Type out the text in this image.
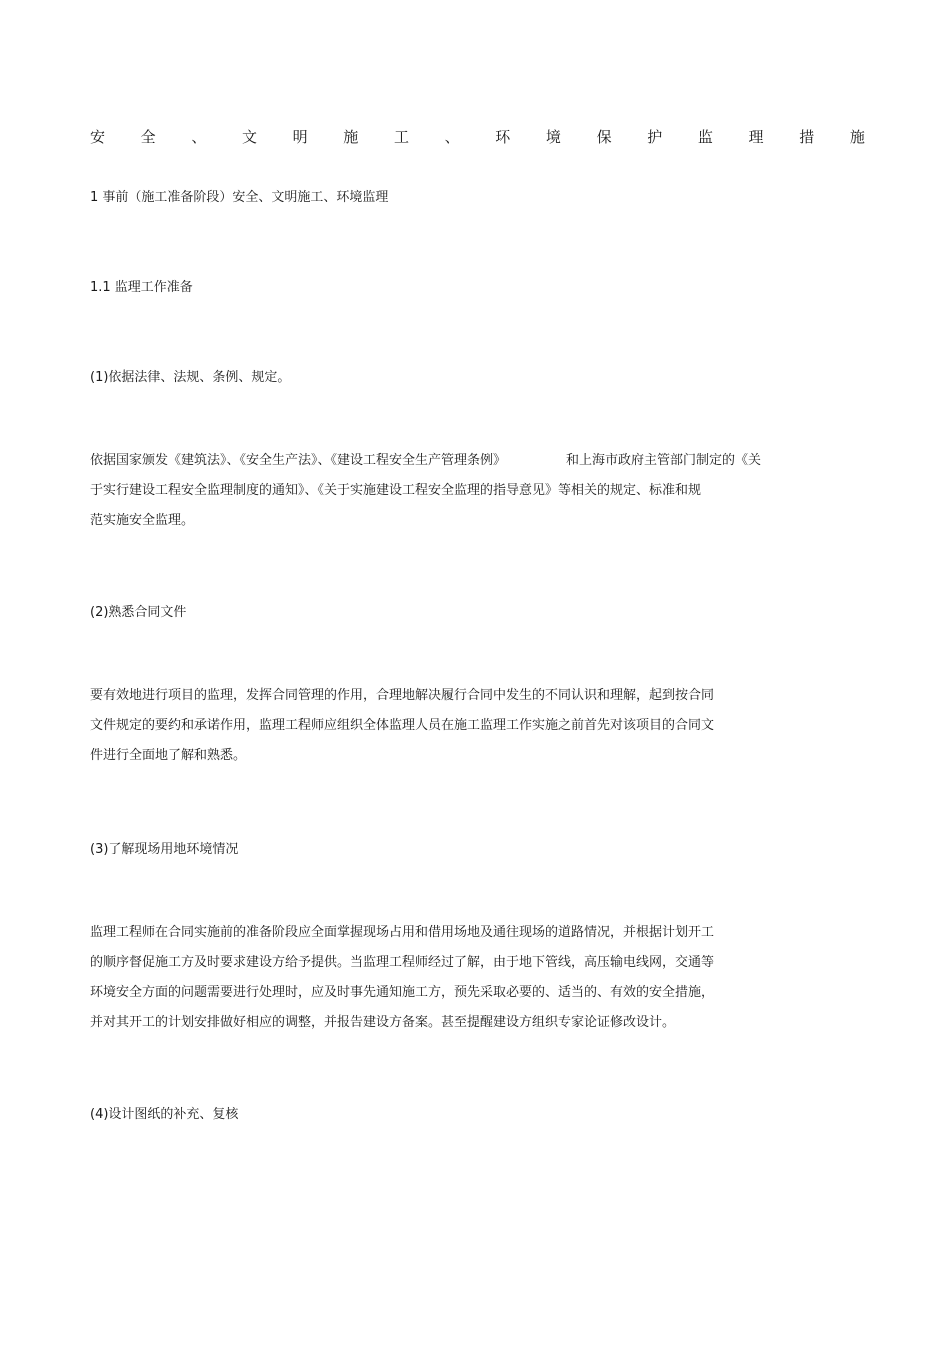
安 全 、 文 明 施 工 、 环 境 保 护 监 理 措 施

1 事前（施工准备阶段）安全、文明施工、环境监理

1.1 监理工作准备

(1)依据法律、法规、条例、规定。

依据国家颁发《建筑法》、《安全生产法》、《建设工程安全生产管理条例》	和上海市政府主管部门制定的《关
于实行建设工程安全监理制度的通知》、《关于实施建设工程安全监理的指导意见》等相关的规定、标准和规
范实施安全监理。

(2)熟悉合同文件

要有效地进行项目的监理，发挥合同管理的作用，合理地解决履行合同中发生的不同认识和理解，起到按合同
文件规定的要约和承诺作用，监理工程师应组织全体监理人员在施工监理工作实施之前首先对该项目的合同文
件进行全面地了解和熟悉。

(3)了解现场用地环境情况

监理工程师在合同实施前的准备阶段应全面掌握现场占用和借用场地及通往现场的道路情况，并根据计划开工
的顺序督促施工方及时要求建设方给予提供。当监理工程师经过了解，由于地下管线，高压输电线网，交通等
环境安全方面的问题需要进行处理时，应及时事先通知施工方，预先采取必要的、适当的、有效的安全措施，
并对其开工的计划安排做好相应的调整，并报告建设方备案。甚至提醒建设方组织专家论证修改设计。

(4)设计图纸的补充、复核
